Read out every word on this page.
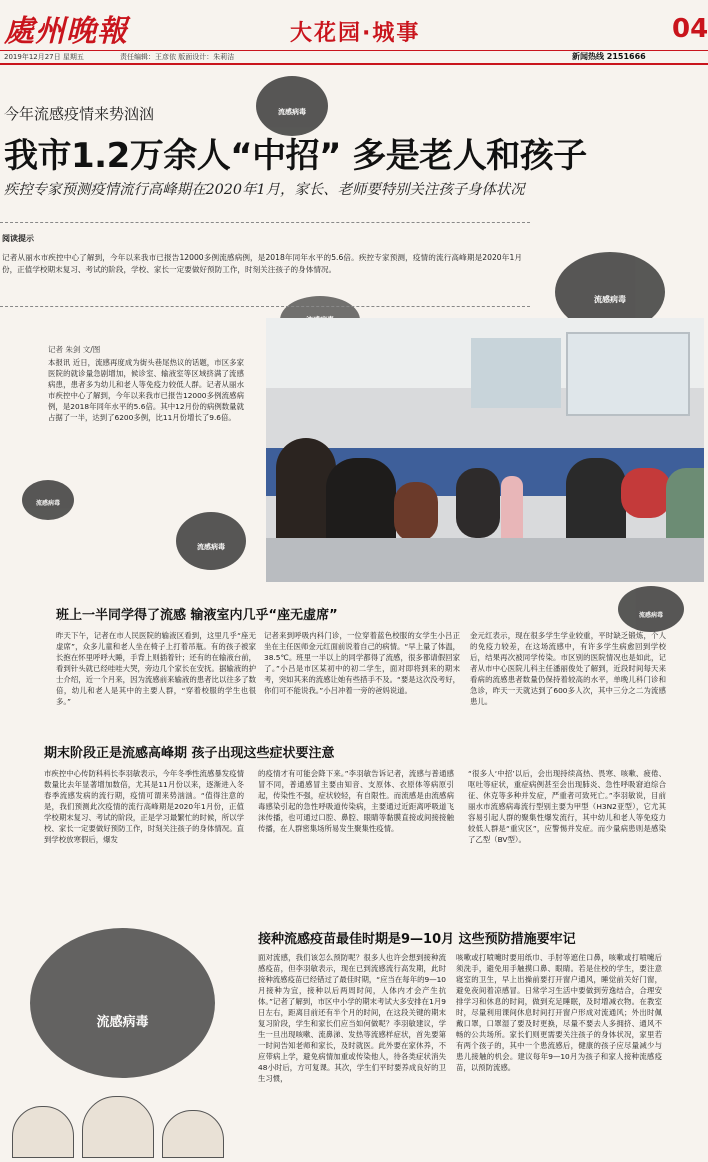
處州晚報	大花园·城事	04
2019年12月27日 星期五	责任编辑：王彦依 版面设计：朱莉洁	新闻热线 2151666
流感病毒
流感病毒
流感病毒
流感病毒
流感病毒
流感病毒
今年流感疫情来势汹汹
我市1.2万余人“中招” 多是老人和孩子
疾控专家预测疫情流行高峰期在2020年1月，家长、老师要特别关注孩子身体状况
阅读提示
记者从丽水市疾控中心了解到，今年以来我市已报告12000多例流感病例，是2018年同年水平的5.6倍。疾控专家预测，疫情的流行高峰期是2020年1月份，正值学校期末复习、考试的阶段，学校、家长一定要做好预防工作，时刻关注孩子的身体情况。
记者 朱剑 文/图
本报讯 近日，流感再度成为街头巷尾热议的话题，市区多家医院的就诊量急剧增加，候诊室、输液室等区域挤满了流感病患，患者多为幼儿和老人等免疫力较低人群。记者从丽水市疾控中心了解到，今年以来我市已报告12000多例流感病例，是2018年同年水平的5.6倍。其中12月份的病例数量就占据了一半，达到了6200多例，比11月份增长了9.6倍。
班上一半同学得了流感 输液室内几乎“座无虚席”
昨天下午，记者在市人民医院的输液区看到，这里几乎“座无虚席”，众多儿童和老人坐在椅子上打着吊瓶。有的孩子被家长抱在怀里呼呼大睡，手背上则插着针；还有的在输液台前，看到针头就已经哇哇大哭，旁边几个家长在安抚。据输液的护士介绍，近一个月来，因为流感前来输液的患者比以往多了数倍，幼儿和老人是其中的主要人群，“穿着校服的学生也很多。”
记者来到呼吸内科门诊，一位穿着蓝色校服的女学生小吕正坐在主任医师金元红面前说着自己的病情。“早上量了体温，38.5℃。班里一半以上的同学都得了流感，很多都请假回家了。”小吕是市区某初中的初二学生，面对即将到来的期末考，突如其来的流感让她有些措手不及。“要是这次没考好，你们可不能说我。”小吕冲着一旁的爸妈说道。
金元红表示，现在很多学生学业较重，平时缺乏锻炼，个人的免疫力较差，在这场流感中，有许多学生病愈回到学校后，结果再次被同学传染。市区别的医院情况也是如此，记者从市中心医院儿科主任潘丽俊处了解到，近段时间每天来看病的流感患者数量仍保持着较高的水平，单晚儿科门诊和急诊，昨天一天就达到了600多人次，其中三分之二为流感患儿。
期末阶段正是流感高峰期 孩子出现这些症状要注意
市疾控中心传防科科长李羽敏表示，今年冬季性流感暴发疫情数量比去年显著增加数倍，尤其是11月份以来，逐渐进入冬春季流感发病的流行期，疫情可谓来势汹汹。“值得注意的是，我们预测此次疫情的流行高峰期是2020年1月份，正值学校期末复习、考试的阶段，正是学习最繁忙的时候，所以学校、家长一定要做好预防工作，时刻关注孩子的身体情况。直到学校放寒假后，爆发
的疫情才有可能会降下来。”李羽敏告诉记者，流感与普通感冒不同，普通感冒主要由知音、支原体、衣原体等病原引起，传染性不强，症状较轻，有自限性。而流感是由流感病毒感染引起的急性呼吸道传染病，主要通过近距离呼吸道飞沫传播，也可通过口腔、鼻腔、眼睛等黏膜直接或间接接触传播，在人群密集场所易发生聚集性疫情。
“很多人‘中招’以后，会出现持续高热、畏寒、咳嗽、疲倦、呕吐等症状，重症病例甚至会出现肺炎、急性呼吸窘迫综合征、休克等多种并发症，严重者可致死亡。”李羽敏说，目前丽水市流感病毒流行型别主要为甲型（H3N2亚型），它尤其容易引起人群的聚集性爆发流行，其中幼儿和老人等免疫力较低人群是“重灾区”，应警惕并发症。而少量病患则是感染了乙型（BV型）。
接种流感疫苗最佳时期是9—10月 这些预防措施要牢记
面对流感，我们该怎么预防呢？很多人也许会想到接种流感疫苗，但李羽敏表示，现在已到流感流行高发期，此时接种流感疫苗已经错过了最佳时期，“应当在每年的9—10月接种为宜，接种以后两周时间，人体内才会产生抗体。”记者了解到，市区中小学的期末考试大多安排在1月9日左右，距离目前还有半个月的时间，在这段关键的期末复习阶段，学生和家长们应当如何做呢？李羽敏建议，学生一旦出现咳嗽、流鼻涕、发热等流感样症状，首先要第一时间告知老师和家长，及时就医。此外要在家休养，不应带病上学，避免病情加重或传染他人，待各类症状消失48小时后，方可复课。其次，学生们平时要养成良好的卫生习惯，
咳嗽或打喷嚏时要用纸巾、手肘等遮住口鼻，咳嗽或打喷嚏后须洗手，避免用手触摸口鼻、眼睛。若是住校的学生，要注意寝室的卫生，早上出操前要打开窗户通风，睡觉前关好门窗，避免夜间着凉感冒。日常学习生活中要做到劳逸结合，合理安排学习和休息的时间，做到充足睡眠，及时增减衣物。在教室时，尽量利用课间休息时间打开窗户形成对流通风；外出时佩戴口罩，口罩湿了要及时更换，尽量不要去人多拥挤、通风不畅的公共场所。家长们则更需要关注孩子的身体状况，家里若有两个孩子的，其中一个患流感后，健康的孩子应尽量减少与患儿接触的机会。建议每年9—10月为孩子和家人接种流感疫苗，以预防流感。
